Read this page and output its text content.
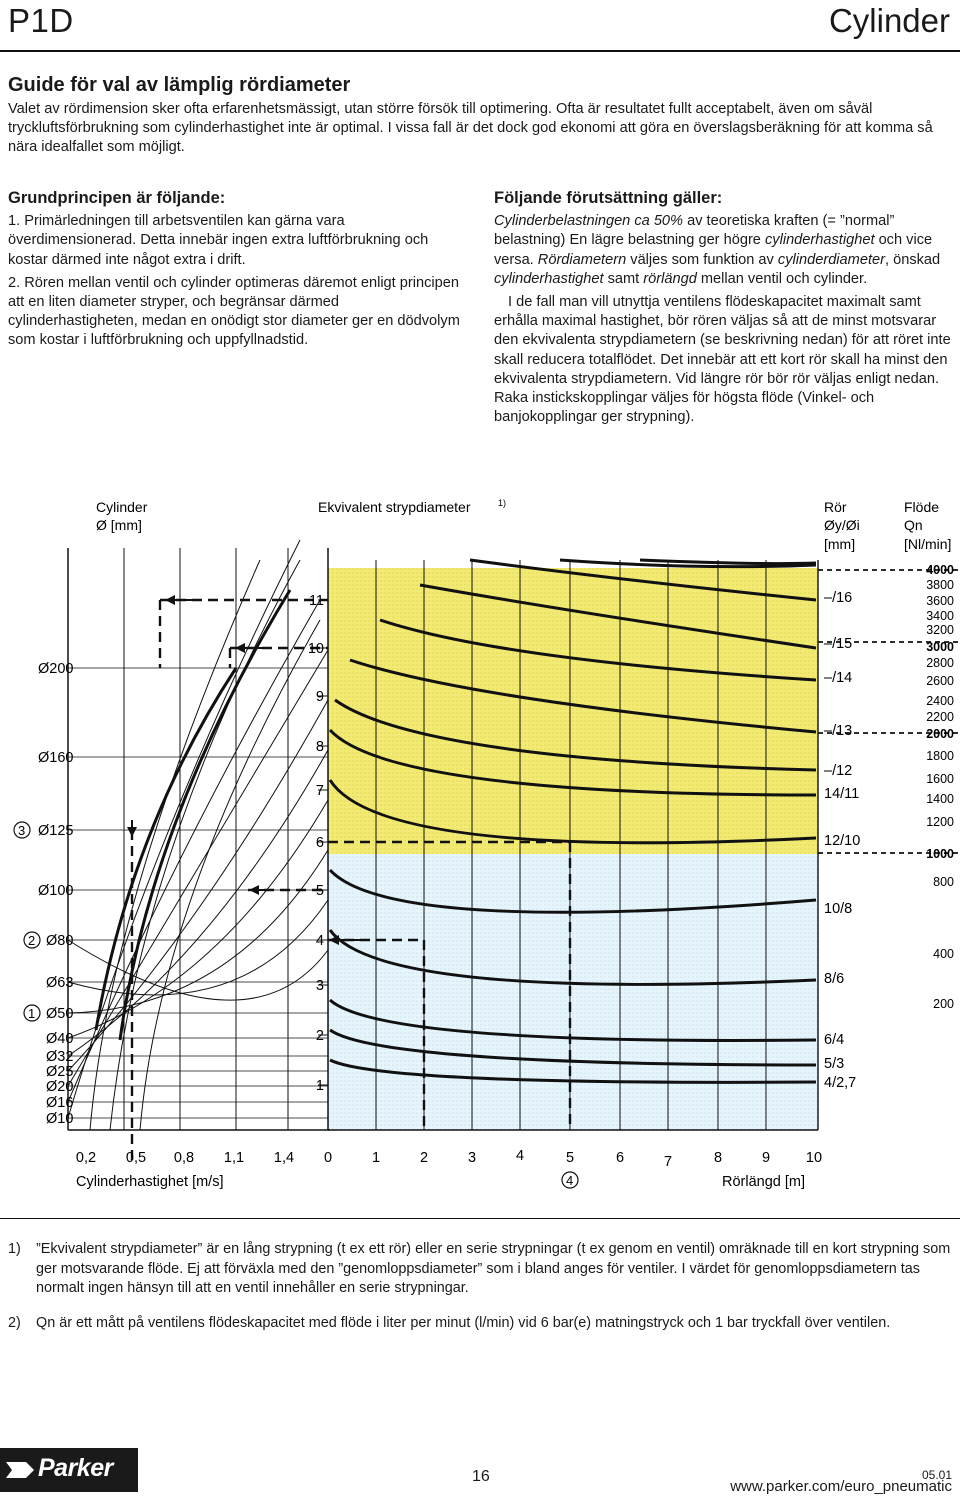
P1D	Cylinder
Guide för val av lämplig rördiameter

Valet av rördimension sker ofta erfarenhetsmässigt, utan större försök till optimering. Ofta är resultatet fullt acceptabelt, även om såväl tryckluftsförbrukning som cylinderhastighet inte är optimal. I vissa fall är det dock god ekonomi att göra en överslagsberäkning för att komma så nära idealfallet som möjligt.

Grundprincipen är följande:

1. Primärledningen till arbetsventilen kan gärna vara överdimensionerad. Detta innebär ingen extra luftförbrukning och kostar därmed inte något extra i drift.

2. Rören mellan ventil och cylinder optimeras däremot enligt principen att en liten diameter stryper, och begränsar därmed cylinderhastigheten, medan en onödigt stor diameter ger en dödvolym som kostar i luftförbrukning och uppfyllnadstid.

Följande förutsättning gäller:

Cylinderbelastningen ca 50% av teoretiska kraften (= ”normal” belastning) En lägre belastning ger högre cylinderhastighet och vice versa. Rördiametern väljes som funktion av cylinderdiameter, önskad cylinderhastighet samt rörlängd mellan ventil och cylinder.

I de fall man vill utnyttja ventilens flödeskapacitet maximalt samt erhålla maximal hastighet, bör rören väljas så att de minst motsvarar den ekvivalenta strypdiametern (se beskrivning nedan) för att röret inte skall reducera totalflödet. Det innebär att ett kort rör skall ha minst den ekvivalenta strypdiametern. Vid längre rör bör rör väljas enligt nedan. Raka instickskopplingar väljes för högsta flöde (Vinkel- och banjokopplingar ger strypning).

Cylinder
Ø [mm]
Ekvivalent strypdiameter	1)	Rör
Øy/Øi
[mm]
Flöde
Qn
[Nl/min]
Ø200
Ø160
Ø125
Ø100
Ø80
Ø63
Ø50
Ø40
Ø32
Ø25
Ø20
Ø16
Ø10
3
2
1
4
11
10
9
8
7
6
5
4
3
2
1
–/16
–/15
–/14
–/13
–/12
14/11
12/10
10/8
8/6
6/4
5/3
4/2,7
4000
3800
3600
3400
3200
3000
2800
2600
2400
2200
2000
1800
1600
1400
1200
1000
800
400
200
0,2 0,5 0,8 1,1 1,4
Cylinderhastighet [m/s]
0	1	2	3	4	5	6	7	8	9 10
Rörlängd [m]
1) ”Ekvivalent strypdiameter” är en lång strypning (t ex ett rör) eller en serie strypningar (t ex genom en ventil) omräknade till en kort strypning som ger motsvarande flöde. Ej att förväxla med den ”genomloppsdiameter” som i bland anges för ventiler. I värdet för genomloppsdiametern tas normalt ingen hänsyn till att en ventil innehåller en serie strypningar.
2) Qn är ett mått på ventilens flödeskapacitet med flöde i liter per minut (l/min) vid 6 bar(e) matningstryck och 1 bar tryckfall över ventilen.
Parker	16	05.01
www.parker.com/euro_pneumatic
